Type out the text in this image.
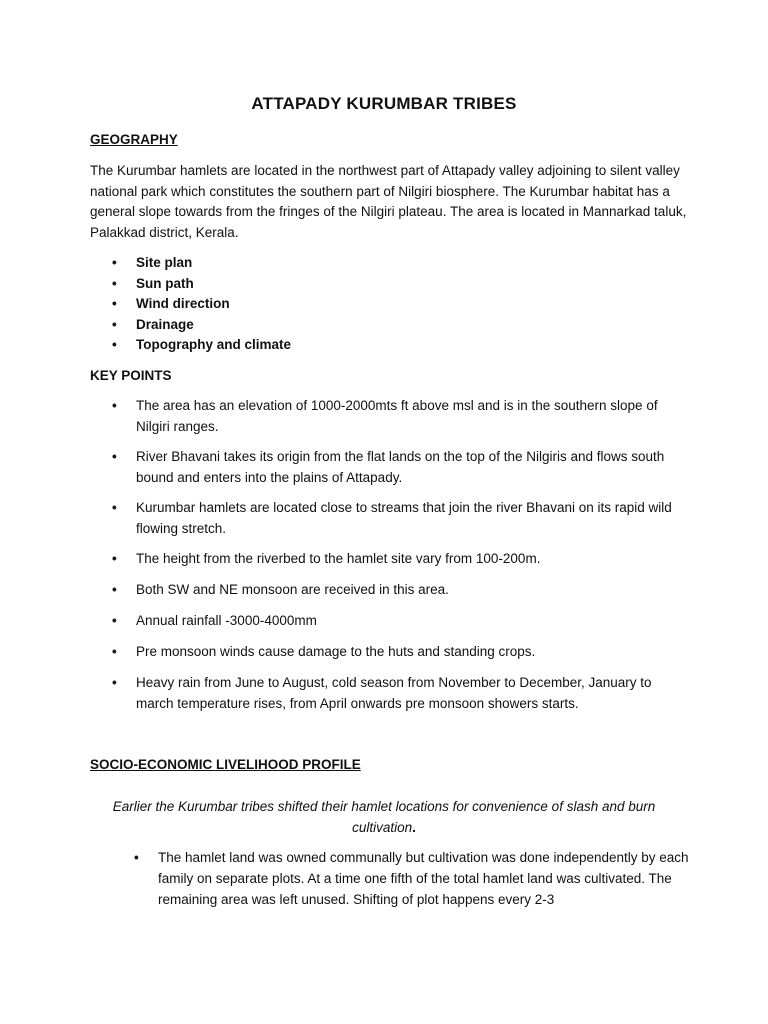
ATTAPADY KURUMBAR TRIBES
GEOGRAPHY

The Kurumbar hamlets are located in the northwest part of Attapady valley adjoining to silent valley national park which constitutes the southern part of Nilgiri biosphere. The Kurumbar habitat has a general slope towards from the fringes of the Nilgiri plateau. The area is located in Mannarkad taluk, Palakkad district, Kerala.

• Site plan
• Sun path
• Wind direction
• Drainage
• Topography and climate
KEY POINTS
• The area has an elevation of 1000-2000mts ft above msl and is in the southern slope of Nilgiri ranges.
• River Bhavani takes its origin from the flat lands on the top of the Nilgiris and flows south bound and enters into the plains of Attapady.
• Kurumbar hamlets are located close to streams that join the river Bhavani on its rapid wild flowing stretch.
• The height from the riverbed to the hamlet site vary from 100-200m.
• Both SW and NE monsoon are received in this area.
• Annual rainfall -3000-4000mm
• Pre monsoon winds cause damage to the huts and standing crops.
• Heavy rain from June to August, cold season from November to December, January to march temperature rises, from April onwards pre monsoon showers starts.
SOCIO-ECONOMIC LIVELIHOOD PROFILE

Earlier the Kurumbar tribes shifted their hamlet locations for convenience of slash and burn cultivation.

• The hamlet land was owned communally but cultivation was done independently by each family on separate plots. At a time one fifth of the total hamlet land was cultivated. The remaining area was left unused. Shifting of plot happens every 2-3
